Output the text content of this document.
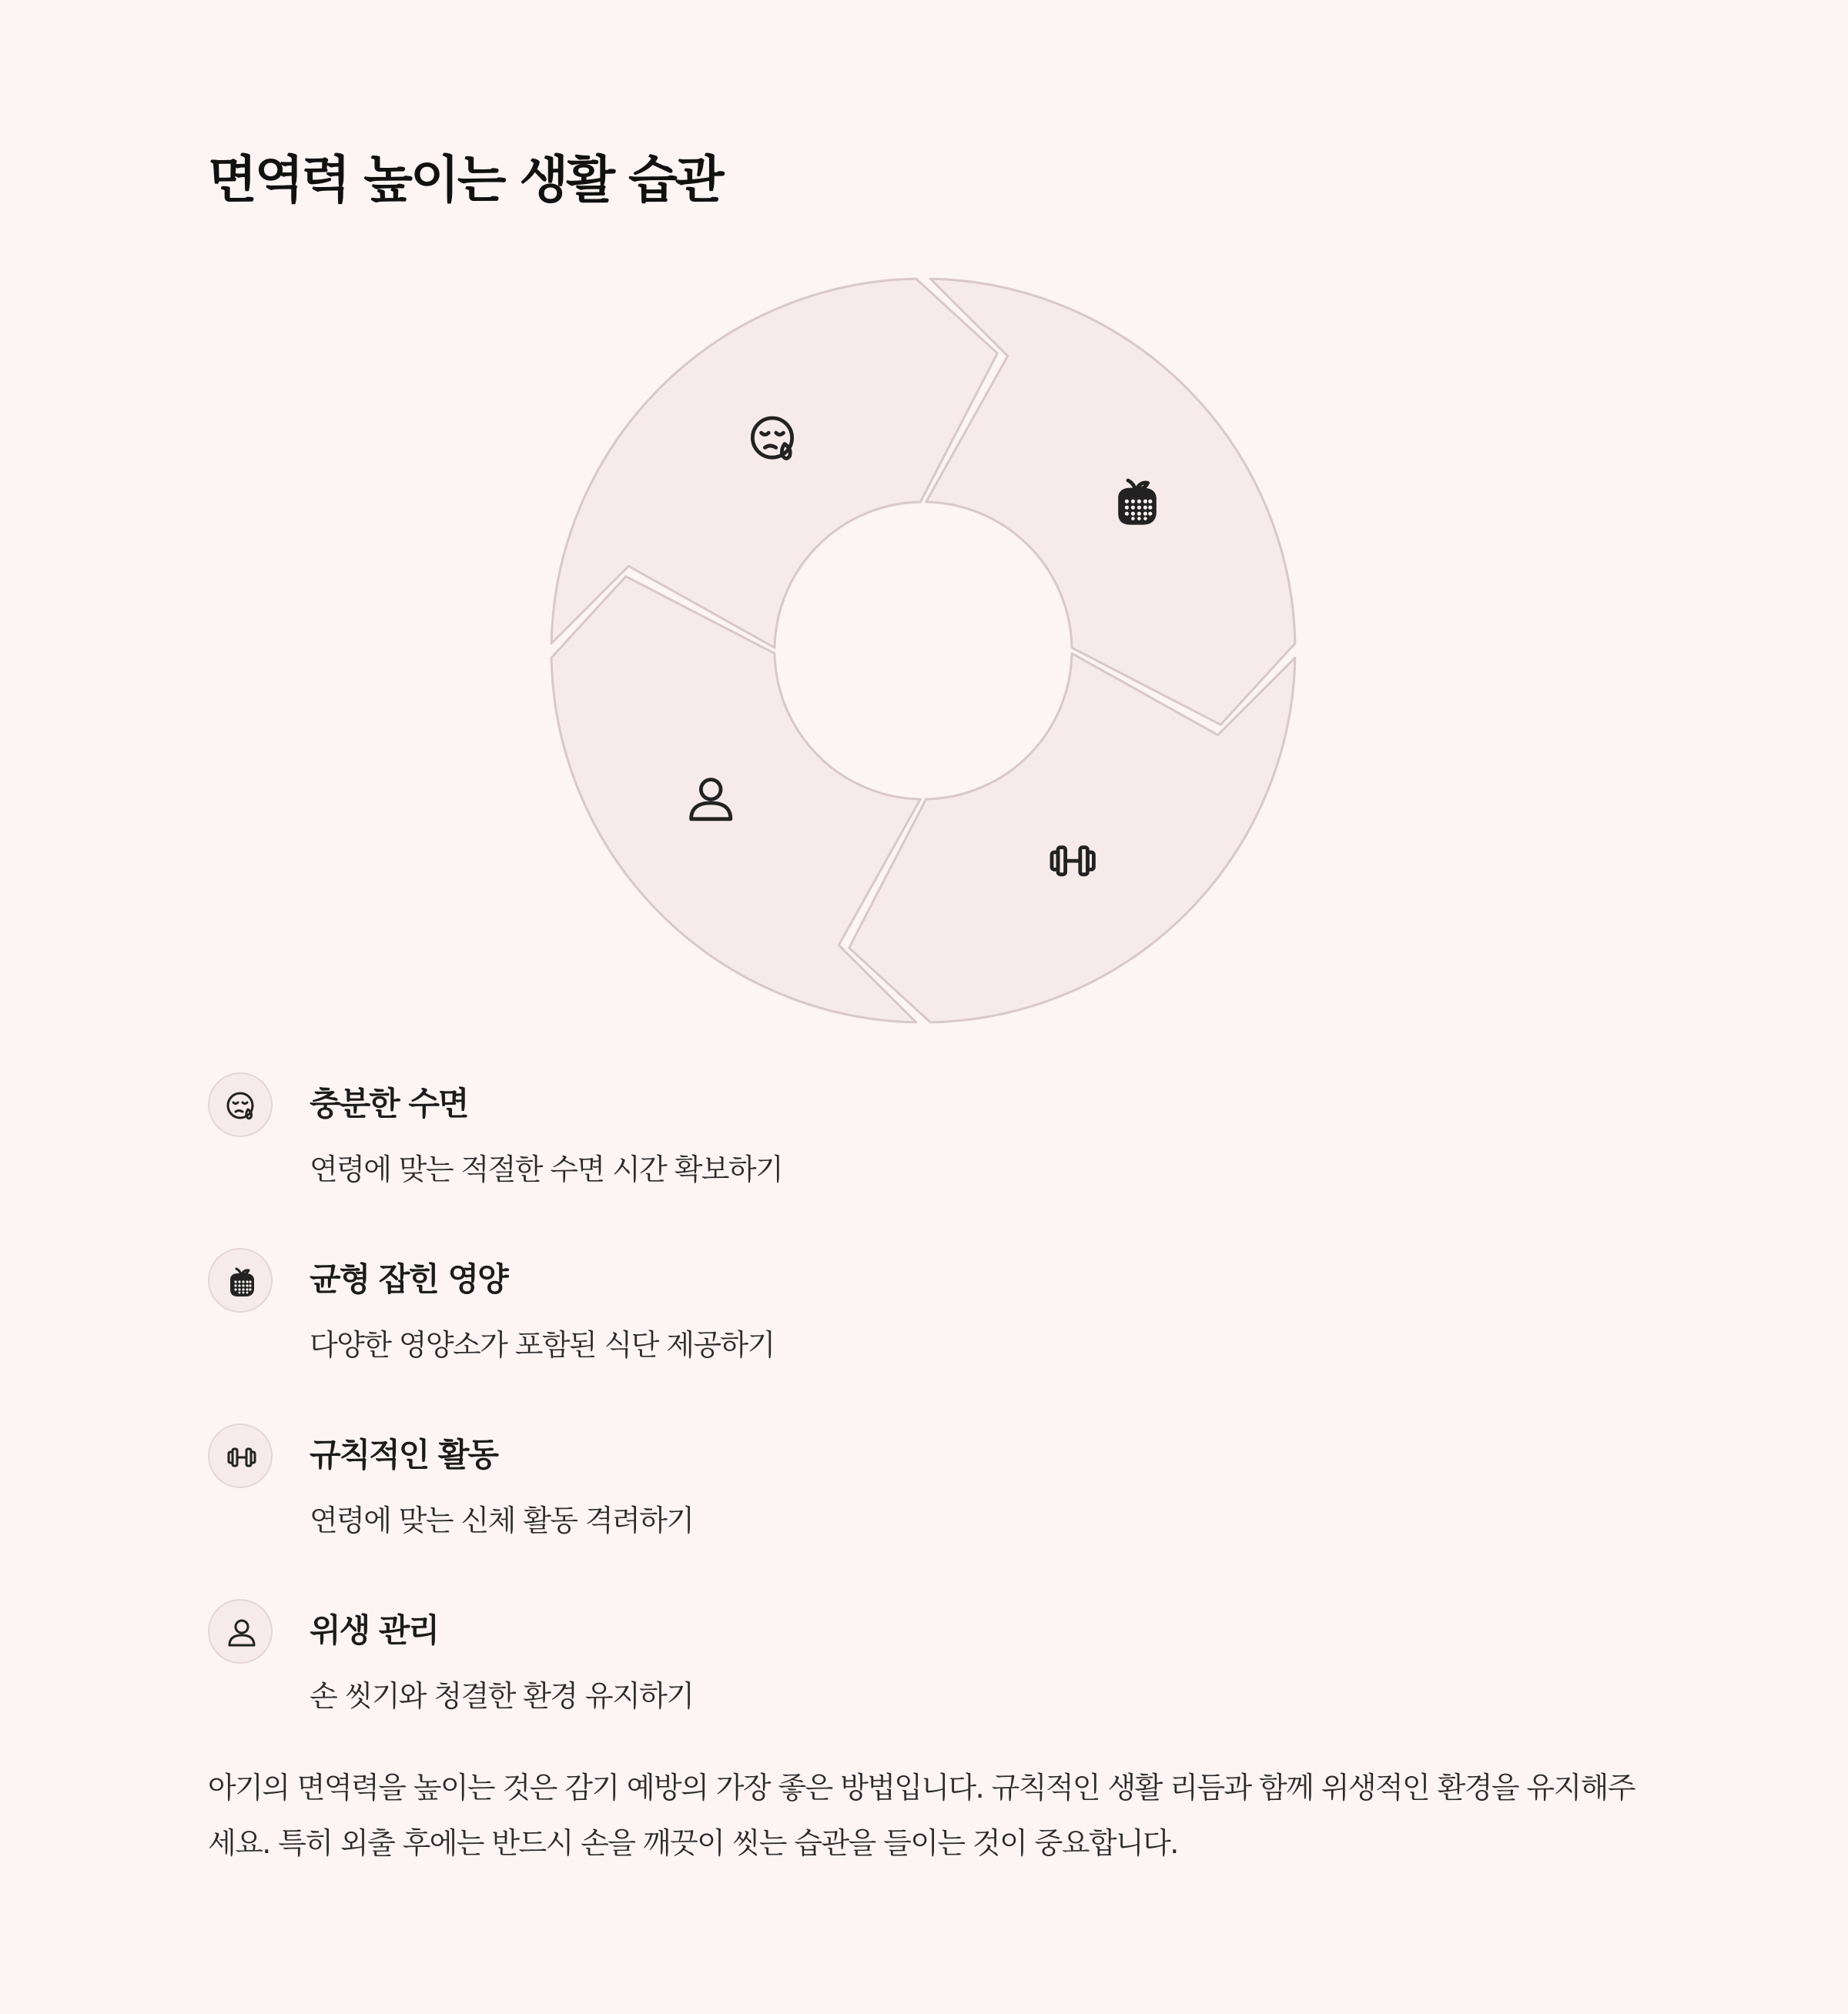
면역력 높이는 생활 습관
충분한 수면
연령에 맞는 적절한 수면 시간 확보하기
균형 잡힌 영양
다양한 영양소가 포함된 식단 제공하기
규칙적인 활동
연령에 맞는 신체 활동 격려하기
위생 관리
손 씻기와 청결한 환경 유지하기

아기의 면역력을 높이는 것은 감기 예방의 가장 좋은 방법입니다. 규칙적인 생활 리듬과 함께 위생적인 환경을 유지해주세요. 특히 외출 후에는 반드시 손을 깨끗이 씻는 습관을 들이는 것이 중요합니다.
